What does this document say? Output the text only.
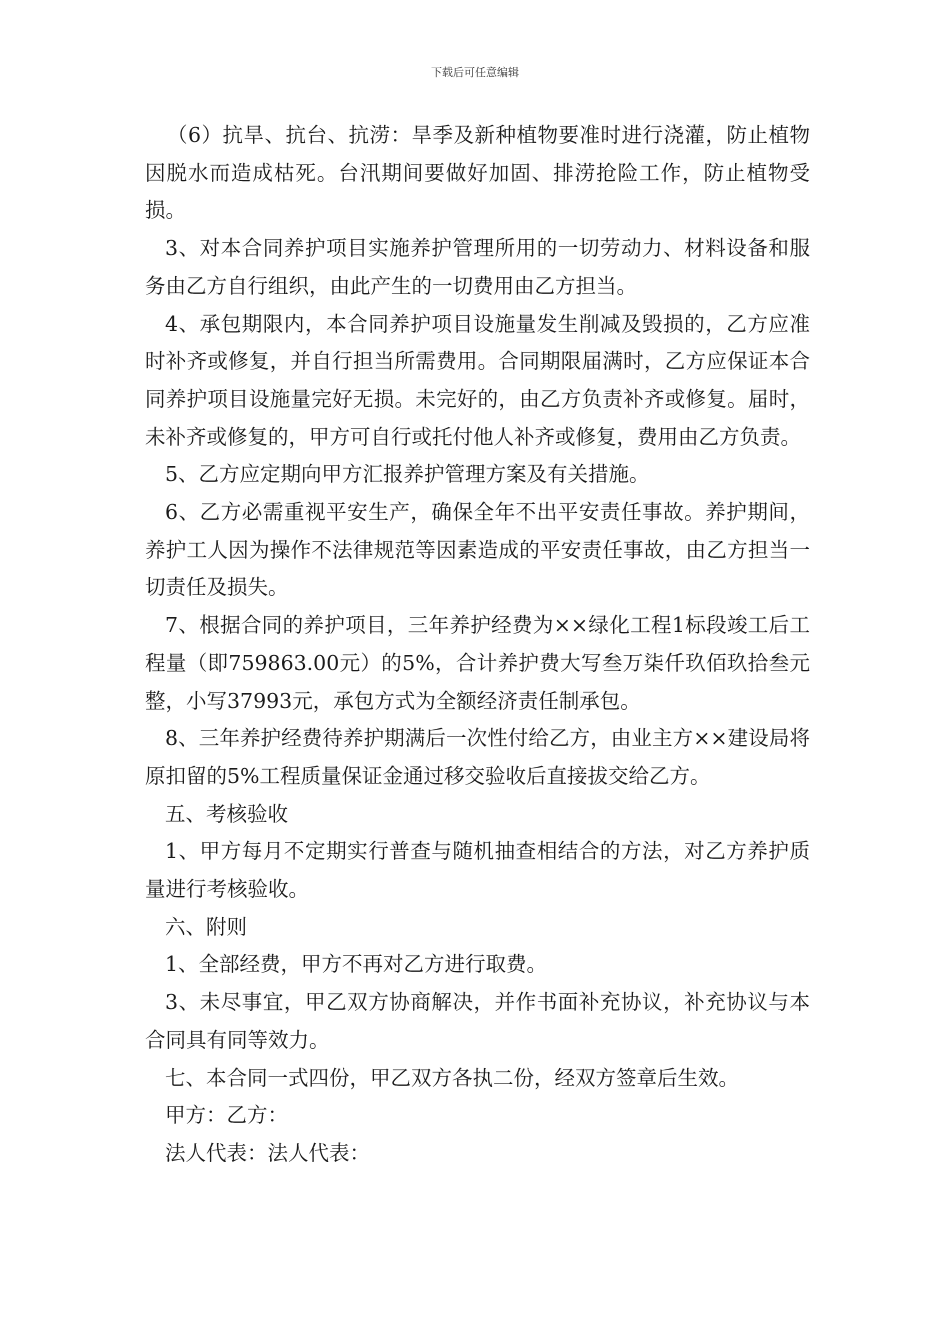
下载后可任意编辑

（6）抗旱、抗台、抗涝：旱季及新种植物要准时进行浇灌，防止植物因脱水而造成枯死。台汛期间要做好加固、排涝抢险工作，防止植物受损。

3、对本合同养护项目实施养护管理所用的一切劳动力、材料设备和服务由乙方自行组织，由此产生的一切费用由乙方担当。

4、承包期限内，本合同养护项目设施量发生削减及毁损的，乙方应准时补齐或修复，并自行担当所需费用。合同期限届满时，乙方应保证本合同养护项目设施量完好无损。未完好的，由乙方负责补齐或修复。届时，未补齐或修复的，甲方可自行或托付他人补齐或修复，费用由乙方负责。

5、乙方应定期向甲方汇报养护管理方案及有关措施。

6、乙方必需重视平安生产，确保全年不出平安责任事故。养护期间，养护工人因为操作不法律规范等因素造成的平安责任事故，由乙方担当一切责任及损失。

7、根据合同的养护项目，三年养护经费为××绿化工程1标段竣工后工程量（即759863.00元）的5%，合计养护费大写叁万柒仟玖佰玖拾叁元整，小写37993元，承包方式为全额经济责任制承包。

8、三年养护经费待养护期满后一次性付给乙方，由业主方××建设局将原扣留的5%工程质量保证金通过移交验收后直接拔交给乙方。

五、考核验收

1、甲方每月不定期实行普查与随机抽查相结合的方法，对乙方养护质量进行考核验收。

六、附则

1、全部经费，甲方不再对乙方进行取费。

3、未尽事宜，甲乙双方协商解决，并作书面补充协议，补充协议与本合同具有同等效力。

七、本合同一式四份，甲乙双方各执二份，经双方签章后生效。

甲方：乙方：

法人代表：法人代表：
